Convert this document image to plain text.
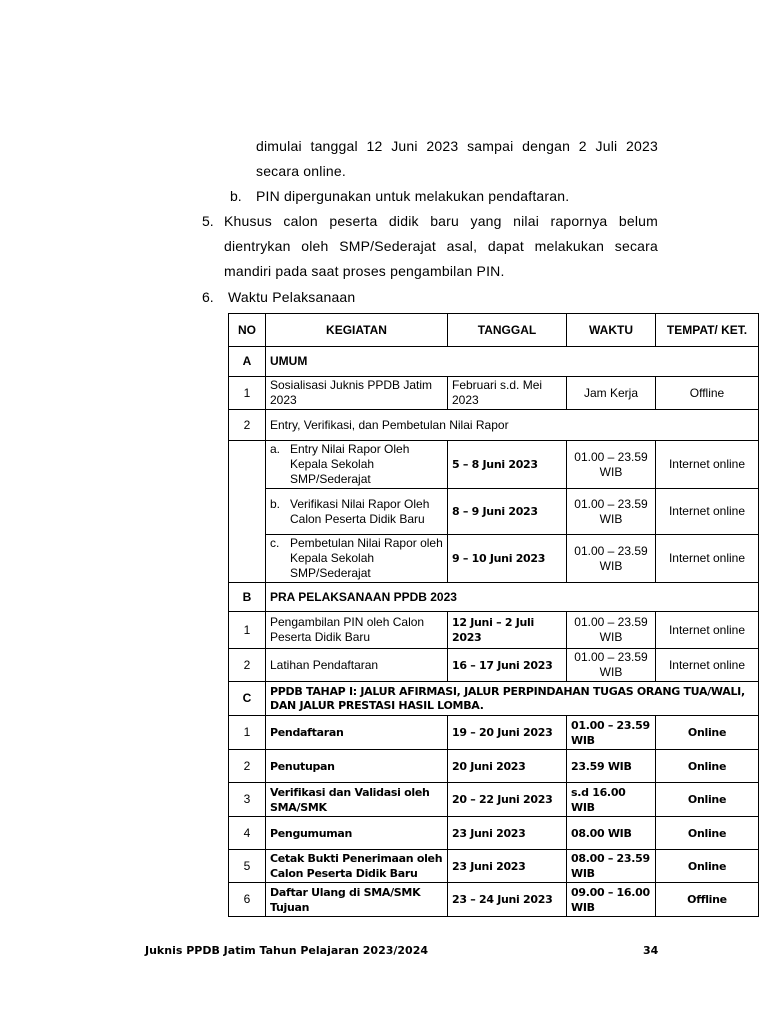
dimulai tanggal 12 Juni 2023 sampai dengan 2 Juli 2023
secara online.
b. PIN dipergunakan untuk melakukan pendaftaran.
5. Khusus calon peserta didik baru yang nilai rapornya belum
dientrykan oleh SMP/Sederajat asal, dapat melakukan secara
mandiri pada saat proses pengambilan PIN.
6. Waktu Pelaksanaan
NO	KEGIATAN	TANGGAL	WAKTU	TEMPAT/ KET.
A	UMUM			
1	Sosialisasi Juknis PPDB Jatim 2023	Februari s.d. Mei 2023	Jam Kerja	Offline
2	Entry, Verifikasi, dan Pembetulan Nilai Rapor			

	a. Entry Nilai Rapor Oleh Kepala Sekolah SMP/Sederajat	5 – 8 Juni 2023	01.00 – 23.59 WIB	Internet online

	b. Verifikasi Nilai Rapor Oleh Calon Peserta Didik Baru	8 – 9 Juni 2023	01.00 – 23.59 WIB	Internet online

	c. Pembetulan Nilai Rapor oleh Kepala Sekolah SMP/Sederajat	9 – 10 Juni 2023	01.00 – 23.59 WIB	Internet online
B	PRA PELAKSANAAN PPDB 2023			
1	Pengambilan PIN oleh Calon Peserta Didik Baru	12 Juni – 2 Juli 2023	01.00 – 23.59 WIB	Internet online
2	Latihan Pendaftaran	16 – 17 Juni 2023	01.00 – 23.59 WIB	Internet online
C	PPDB TAHAP I: JALUR AFIRMASI, JALUR PERPINDAHAN TUGAS ORANG TUA/WALI, DAN JALUR PRESTASI HASIL LOMBA.			
1	Pendaftaran	19 – 20 Juni 2023	01.00 – 23.59 WIB	Online
2	Penutupan	20 Juni 2023	23.59 WIB	Online
3	Verifikasi dan Validasi oleh SMA/SMK	20 – 22 Juni 2023	s.d 16.00 WIB	Online
4	Pengumuman	23 Juni 2023	08.00 WIB	Online
5	Cetak Bukti Penerimaan oleh Calon Peserta Didik Baru	23 Juni 2023	08.00 – 23.59 WIB	Online
6	Daftar Ulang di SMA/SMK Tujuan	23 – 24 Juni 2023	09.00 – 16.00 WIB	Offline
Juknis PPDB Jatim Tahun Pelajaran 2023/2024	34
